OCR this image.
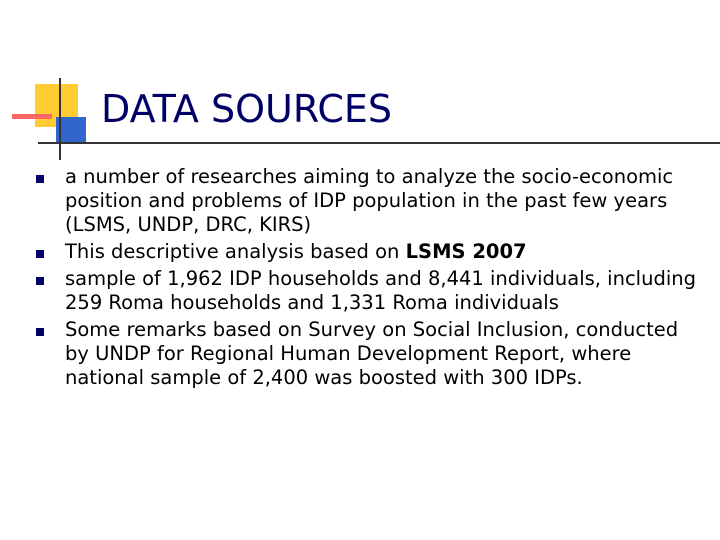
DATA SOURCES
a number of researches aiming to analyze the socio-economic position and problems of IDP population in the past few years (LSMS, UNDP, DRC, KIRS)
This descriptive analysis based on LSMS 2007
sample of 1,962 IDP households and 8,441 individuals, including 259 Roma households and 1,331 Roma individuals
Some remarks based on Survey on Social Inclusion, conducted by UNDP for Regional Human Development Report, where national sample of 2,400 was boosted with 300 IDPs.
